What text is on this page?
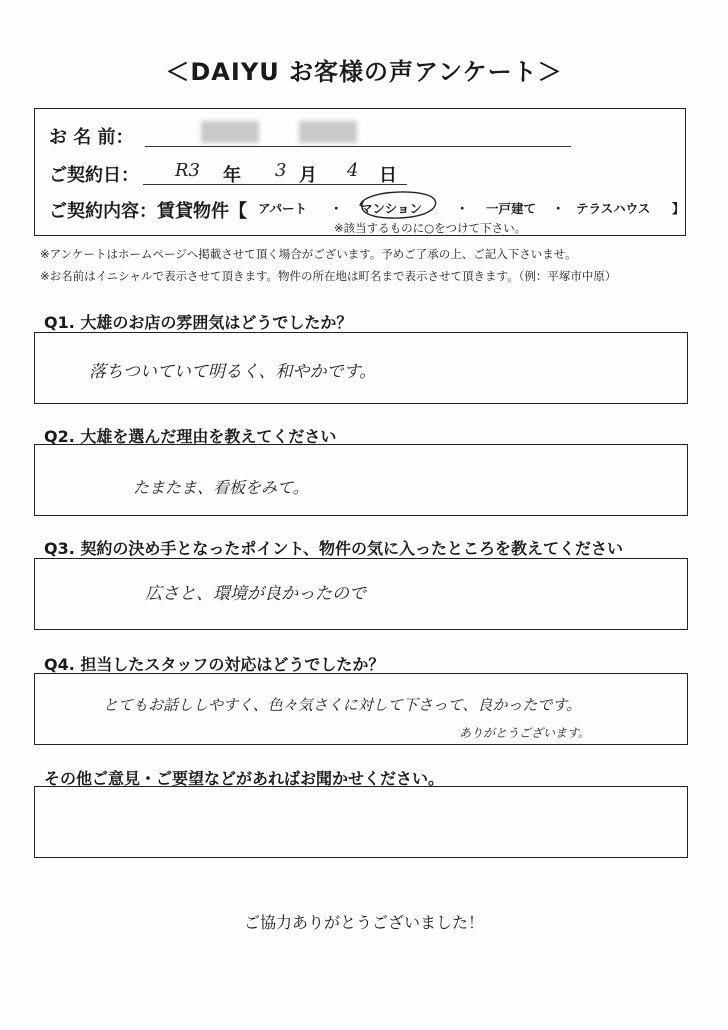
＜DAIYU お客様の声アンケート＞
お 名 前：
ご契約日： R3 年 3 月 4 日
ご契約内容：賃貸物件【 アパート ・ マンション	・ 一戸建て ・ テラスハウス 】
※該当するものに○をつけて下さい。
※アンケートはホームページへ掲載させて頂く場合がございます。予めご了承の上、ご記入下さいませ。
※お名前はイニシャルで表示させて頂きます。物件の所在地は町名まで表示させて頂きます。（例：平塚市中原）
Q1. 大雄のお店の雰囲気はどうでしたか？
落ちついていて明るく、和やかです。
Q2. 大雄を選んだ理由を教えてください
たまたま、看板をみて。
Q3. 契約の決め手となったポイント、物件の気に入ったところを教えてください
広さと、環境が良かったので
Q4. 担当したスタッフの対応はどうでしたか？
とてもお話ししやすく、色々気さくに対して下さって、良かったです。
ありがとうございます。
その他ご意見・ご要望などがあればお聞かせください。
ご協力ありがとうございました！
